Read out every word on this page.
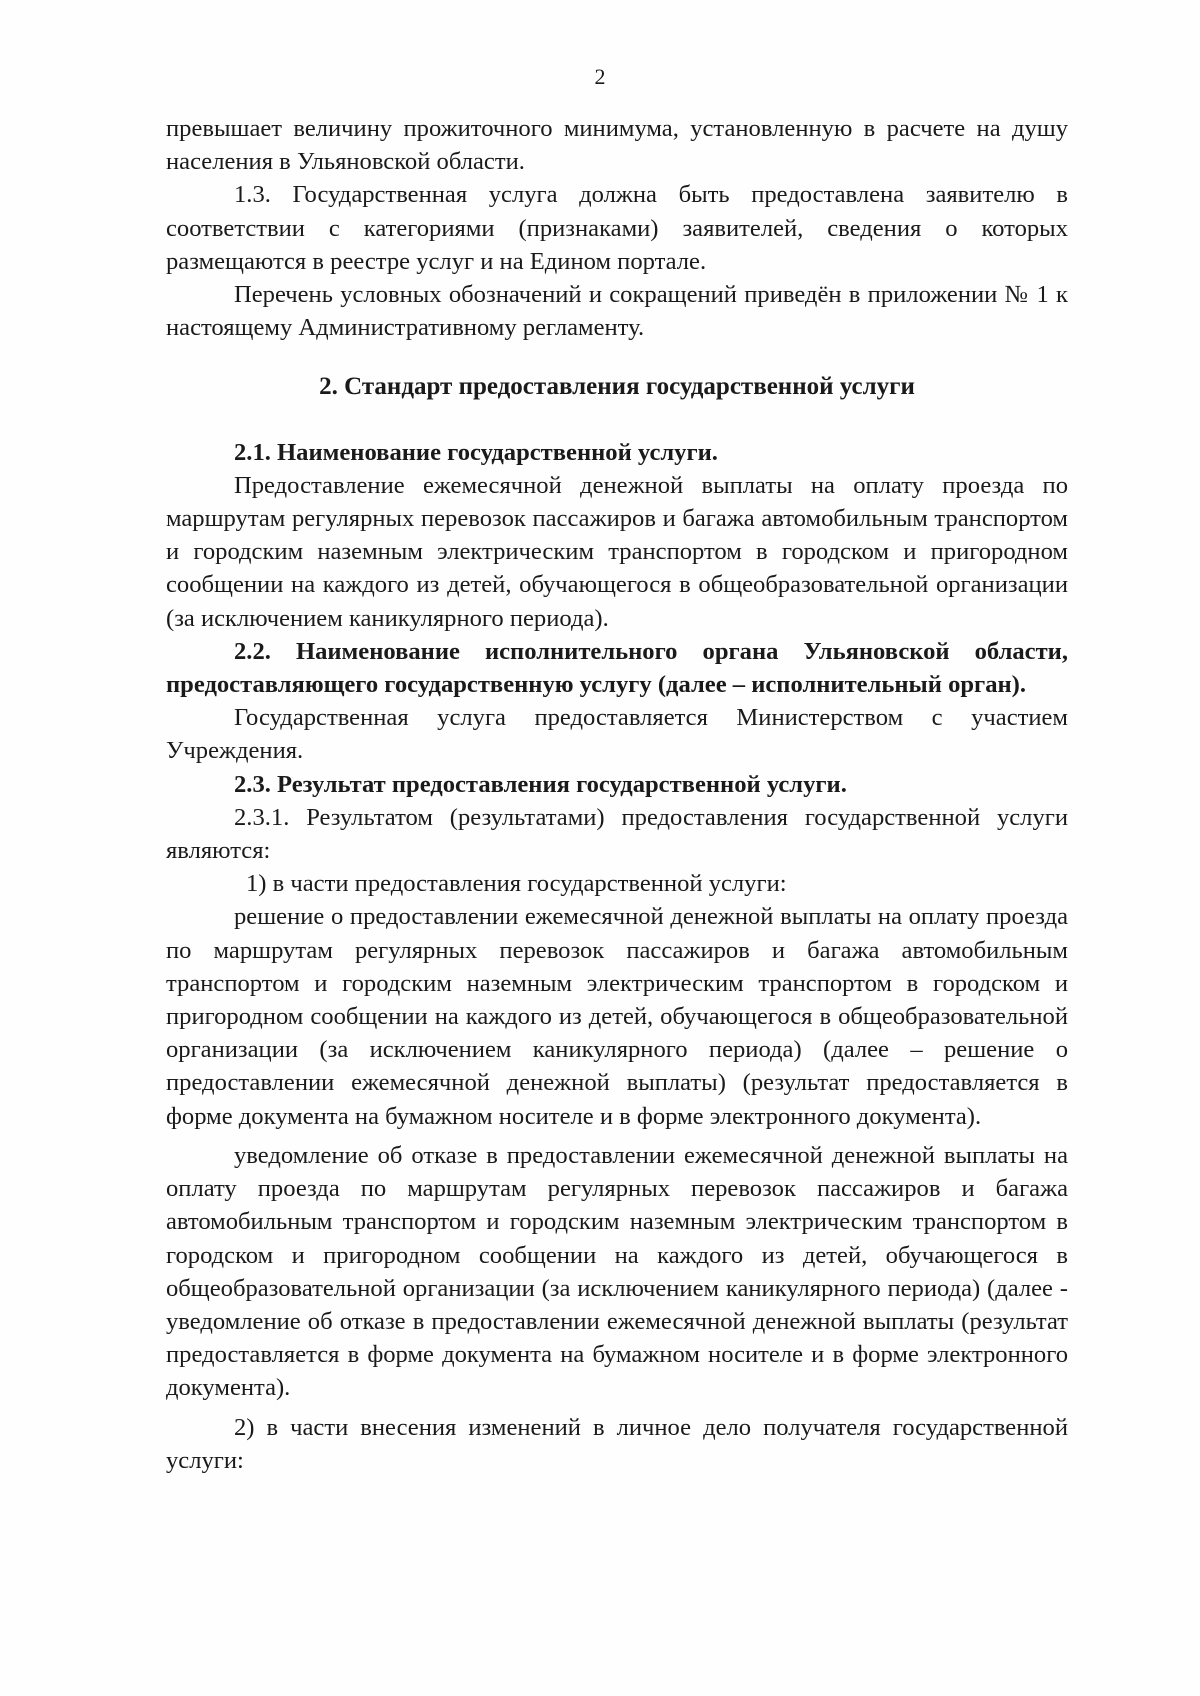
2

превышает величину прожиточного минимума, установленную в расчете на душу населения в Ульяновской области.

1.3. Государственная услуга должна быть предоставлена заявителю в соответствии с категориями (признаками) заявителей, сведения о которых размещаются в реестре услуг и на Едином портале.

Перечень условных обозначений и сокращений приведён в приложении № 1 к настоящему Административному регламенту.

2. Стандарт предоставления государственной услуги

2.1. Наименование государственной услуги.

Предоставление ежемесячной денежной выплаты на оплату проезда по маршрутам регулярных перевозок пассажиров и багажа автомобильным транспортом и городским наземным электрическим транспортом в городском и пригородном сообщении на каждого из детей, обучающегося в общеобразовательной организации (за исключением каникулярного периода).

2.2. Наименование исполнительного органа Ульяновской области, предоставляющего государственную услугу (далее – исполнительный орган).

Государственная услуга предоставляется Министерством с участием Учреждения.

2.3. Результат предоставления государственной услуги.

2.3.1. Результатом (результатами) предоставления государственной услуги являются:

1) в части предоставления государственной услуги:

решение о предоставлении ежемесячной денежной выплаты на оплату проезда по маршрутам регулярных перевозок пассажиров и багажа автомобильным транспортом и городским наземным электрическим транспортом в городском и пригородном сообщении на каждого из детей, обучающегося в общеобразовательной организации (за исключением каникулярного периода) (далее – решение о предоставлении ежемесячной денежной выплаты) (результат предоставляется в форме документа на бумажном носителе и в форме электронного документа).

уведомление об отказе в предоставлении ежемесячной денежной выплаты на оплату проезда по маршрутам регулярных перевозок пассажиров и багажа автомобильным транспортом и городским наземным электрическим транспортом в городском и пригородном сообщении на каждого из детей, обучающегося в общеобразовательной организации (за исключением каникулярного периода) (далее - уведомление об отказе в предоставлении ежемесячной денежной выплаты (результат предоставляется в форме документа на бумажном носителе и в форме электронного документа).

2) в части внесения изменений в личное дело получателя государственной услуги:
